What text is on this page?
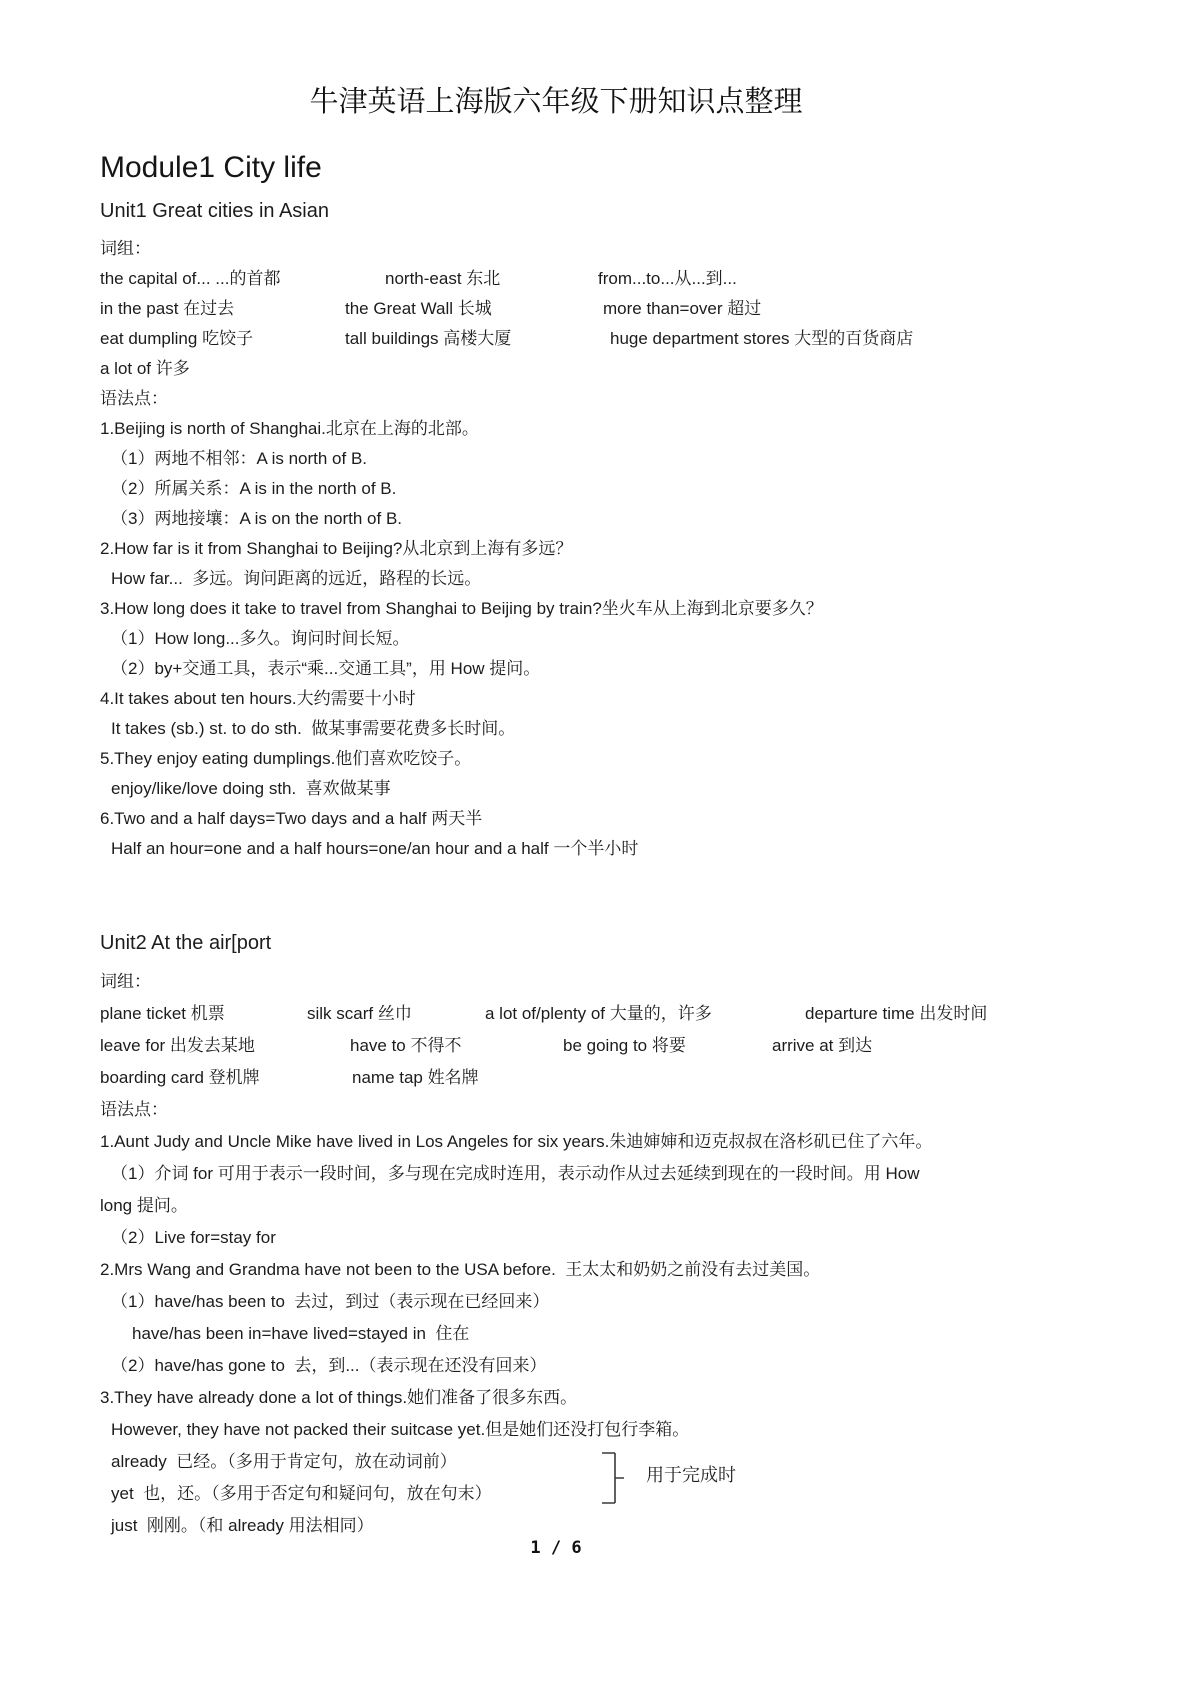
牛津英语上海版六年级下册知识点整理
Module1 City life
Unit1 Great cities in Asian
词组：
the capital of... ...的首都	north-east 东北	from...to...从...到...
in the past 在过去	the Great Wall 长城	more than=over 超过
eat dumpling 吃饺子	tall buildings 高楼大厦	huge department stores 大型的百货商店
a lot of 许多
语法点：
1.Beijing is north of Shanghai.北京在上海的北部。
（1）两地不相邻：A is north of B.
（2）所属关系：A is in the north of B.
（3）两地接壤：A is on the north of B.
2.How far is it from Shanghai to Beijing?从北京到上海有多远？
How far...  多远。询问距离的远近，路程的长远。
3.How long does it take to travel from Shanghai to Beijing by train?坐火车从上海到北京要多久？
（1）How long...多久。询问时间长短。
（2）by+交通工具，表示“乘...交通工具”，用 How 提问。
4.It takes about ten hours.大约需要十小时
It takes (sb.) st. to do sth.  做某事需要花费多长时间。
5.They enjoy eating dumplings.他们喜欢吃饺子。
enjoy/like/love doing sth.  喜欢做某事
6.Two and a half days=Two days and a half 两天半
Half an hour=one and a half hours=one/an hour and a half 一个半小时
Unit2 At the air[port
词组：
plane ticket 机票	silk scarf 丝巾	a lot of/plenty of 大量的，许多	departure time 出发时间
leave for 出发去某地	have to 不得不	be going to 将要	arrive at 到达
boarding card 登机牌	name tap 姓名牌
语法点：
1.Aunt Judy and Uncle Mike have lived in Los Angeles for six years.朱迪婶婶和迈克叔叔在洛杉矶已住了六年。
（1）介词 for 可用于表示一段时间，多与现在完成时连用，表示动作从过去延续到现在的一段时间。用 How
long 提问。
（2）Live for=stay for
2.Mrs Wang and Grandma have not been to the USA before.  王太太和奶奶之前没有去过美国。
（1）have/has been to  去过，到过（表示现在已经回来）
have/has been in=have lived=stayed in  住在
（2）have/has gone to  去，到...（表示现在还没有回来）
3.They have already done a lot of things.她们准备了很多东西。
However, they have not packed their suitcase yet.但是她们还没打包行李箱。
already  已经。（多用于肯定句，放在动词前）
yet  也，还。（多用于否定句和疑问句，放在句末）
用于完成时
just  刚刚。（和 already 用法相同）
1 / 6
